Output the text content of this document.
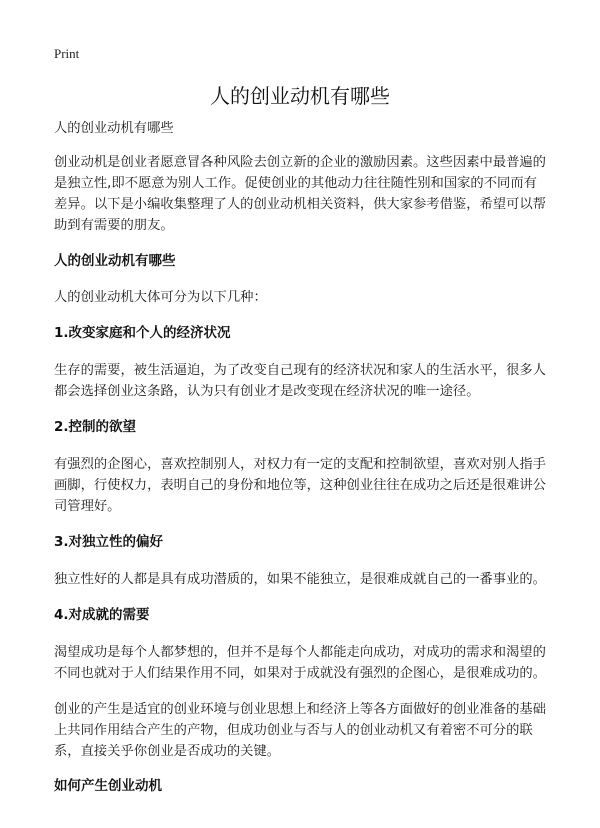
Print
人的创业动机有哪些

人的创业动机有哪些

创业动机是创业者愿意冒各种风险去创立新的企业的激励因素。这些因素中最普遍的是独立性,即不愿意为别人工作。促使创业的其他动力往往随性别和国家的不同而有差异。以下是小编收集整理了人的创业动机相关资料，供大家参考借鉴，希望可以帮助到有需要的朋友。

人的创业动机有哪些

人的创业动机大体可分为以下几种：

1.改变家庭和个人的经济状况

生存的需要，被生活逼迫，为了改变自己现有的经济状况和家人的生活水平，很多人都会选择创业这条路，认为只有创业才是改变现在经济状况的唯一途径。

2.控制的欲望

有强烈的企图心，喜欢控制别人，对权力有一定的支配和控制欲望，喜欢对别人指手画脚，行使权力，表明自己的身份和地位等，这种创业往往在成功之后还是很难讲公司管理好。

3.对独立性的偏好

独立性好的人都是具有成功潜质的，如果不能独立，是很难成就自己的一番事业的。

4.对成就的需要

渴望成功是每个人都梦想的，但并不是每个人都能走向成功，对成功的需求和渴望的不同也就对于人们结果作用不同，如果对于成就没有强烈的企图心，是很难成功的。

创业的产生是适宜的创业环境与创业思想上和经济上等各方面做好的创业准备的基础上共同作用结合产生的产物，但成功创业与否与人的创业动机又有着密不可分的联系，直接关乎你创业是否成功的关键。

如何产生创业动机
